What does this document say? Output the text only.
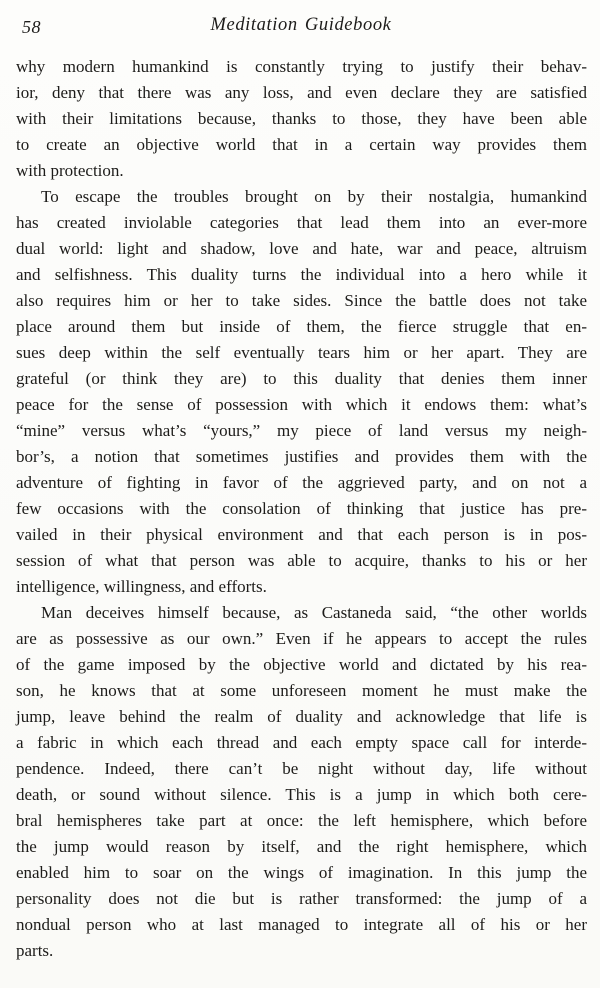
58	Meditation Guidebook
why modern humankind is constantly trying to justify their behav-
ior, deny that there was any loss, and even declare they are satisfied
with their limitations because, thanks to those, they have been able
to create an objective world that in a certain way provides them
with protection.
To escape the troubles brought on by their nostalgia, humankind
has created inviolable categories that lead them into an ever-more
dual world: light and shadow, love and hate, war and peace, altruism
and selfishness. This duality turns the individual into a hero while it
also requires him or her to take sides. Since the battle does not take
place around them but inside of them, the fierce struggle that en-
sues deep within the self eventually tears him or her apart. They are
grateful (or think they are) to this duality that denies them inner
peace for the sense of possession with which it endows them: what’s
“mine” versus what’s “yours,” my piece of land versus my neigh-
bor’s, a notion that sometimes justifies and provides them with the
adventure of fighting in favor of the aggrieved party, and on not a
few occasions with the consolation of thinking that justice has pre-
vailed in their physical environment and that each person is in pos-
session of what that person was able to acquire, thanks to his or her
intelligence, willingness, and efforts.
Man deceives himself because, as Castaneda said, “the other worlds
are as possessive as our own.” Even if he appears to accept the rules
of the game imposed by the objective world and dictated by his rea-
son, he knows that at some unforeseen moment he must make the
jump, leave behind the realm of duality and acknowledge that life is
a fabric in which each thread and each empty space call for interde-
pendence. Indeed, there can’t be night without day, life without
death, or sound without silence. This is a jump in which both cere-
bral hemispheres take part at once: the left hemisphere, which before
the jump would reason by itself, and the right hemisphere, which
enabled him to soar on the wings of imagination. In this jump the
personality does not die but is rather transformed: the jump of a
nondual person who at last managed to integrate all of his or her
parts.
